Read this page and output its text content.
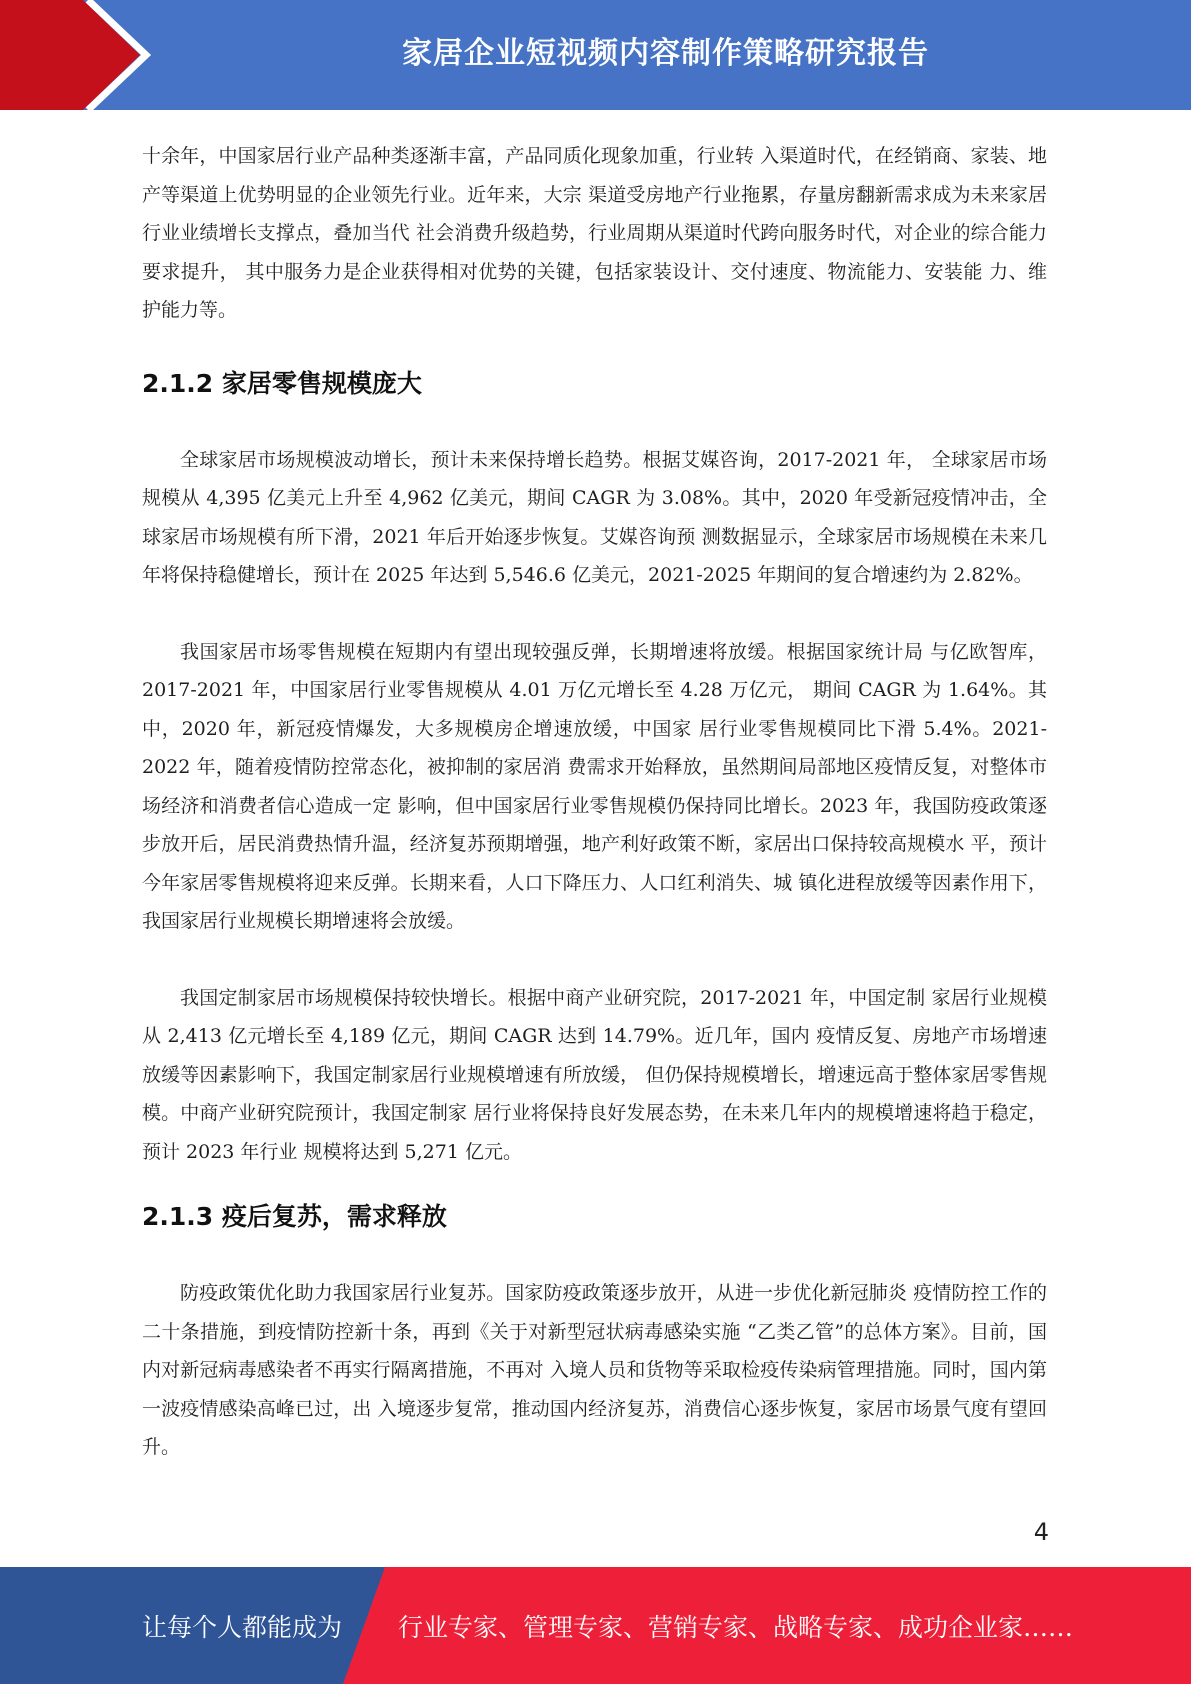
家居企业短视频内容制作策略研究报告

十余年，中国家居行业产品种类逐渐丰富，产品同质化现象加重，行业转 入渠道时代，在经销商、家装、地产等渠道上优势明显的企业领先行业。近年来，大宗 渠道受房地产行业拖累，存量房翻新需求成为未来家居行业业绩增长支撑点，叠加当代 社会消费升级趋势，行业周期从渠道时代跨向服务时代，对企业的综合能力要求提升， 其中服务力是企业获得相对优势的关键，包括家装设计、交付速度、物流能力、安装能 力、维护能力等。

2.1.2 家居零售规模庞大

全球家居市场规模波动增长，预计未来保持增长趋势。根据艾媒咨询，2017-2021 年， 全球家居市场规模从 4,395 亿美元上升至 4,962 亿美元，期间 CAGR 为 3.08%。其中，2020 年受新冠疫情冲击，全球家居市场规模有所下滑，2021 年后开始逐步恢复。艾媒咨询预 测数据显示，全球家居市场规模在未来几年将保持稳健增长，预计在 2025 年达到 5,546.6 亿美元，2021-2025 年期间的复合增速约为 2.82%。

我国家居市场零售规模在短期内有望出现较强反弹，长期增速将放缓。根据国家统计局 与亿欧智库，2017-2021 年，中国家居行业零售规模从 4.01 万亿元增长至 4.28 万亿元， 期间 CAGR 为 1.64%。其中，2020 年，新冠疫情爆发，大多规模房企增速放缓，中国家 居行业零售规模同比下滑 5.4%。2021-2022 年，随着疫情防控常态化，被抑制的家居消 费需求开始释放，虽然期间局部地区疫情反复，对整体市场经济和消费者信心造成一定 影响，但中国家居行业零售规模仍保持同比增长。2023 年，我国防疫政策逐步放开后，居民消费热情升温，经济复苏预期增强，地产利好政策不断，家居出口保持较高规模水 平，预计今年家居零售规模将迎来反弹。长期来看，人口下降压力、人口红利消失、城 镇化进程放缓等因素作用下，我国家居行业规模长期增速将会放缓。

我国定制家居市场规模保持较快增长。根据中商产业研究院，2017-2021 年，中国定制 家居行业规模从 2,413 亿元增长至 4,189 亿元，期间 CAGR 达到 14.79%。近几年，国内 疫情反复、房地产市场增速放缓等因素影响下，我国定制家居行业规模增速有所放缓， 但仍保持规模增长，增速远高于整体家居零售规模。中商产业研究院预计，我国定制家 居行业将保持良好发展态势，在未来几年内的规模增速将趋于稳定，预计 2023 年行业 规模将达到 5,271 亿元。

2.1.3 疫后复苏，需求释放

防疫政策优化助力我国家居行业复苏。国家防疫政策逐步放开，从进一步优化新冠肺炎 疫情防控工作的二十条措施，到疫情防控新十条，再到《关于对新型冠状病毒感染实施 “乙类乙管”的总体方案》。目前，国内对新冠病毒感染者不再实行隔离措施，不再对 入境人员和货物等采取检疫传染病管理措施。同时，国内第一波疫情感染高峰已过，出 入境逐步复常，推动国内经济复苏，消费信心逐步恢复，家居市场景气度有望回升。

4
让每个人都能成为 行业专家、管理专家、营销专家、战略专家、成功企业家……
